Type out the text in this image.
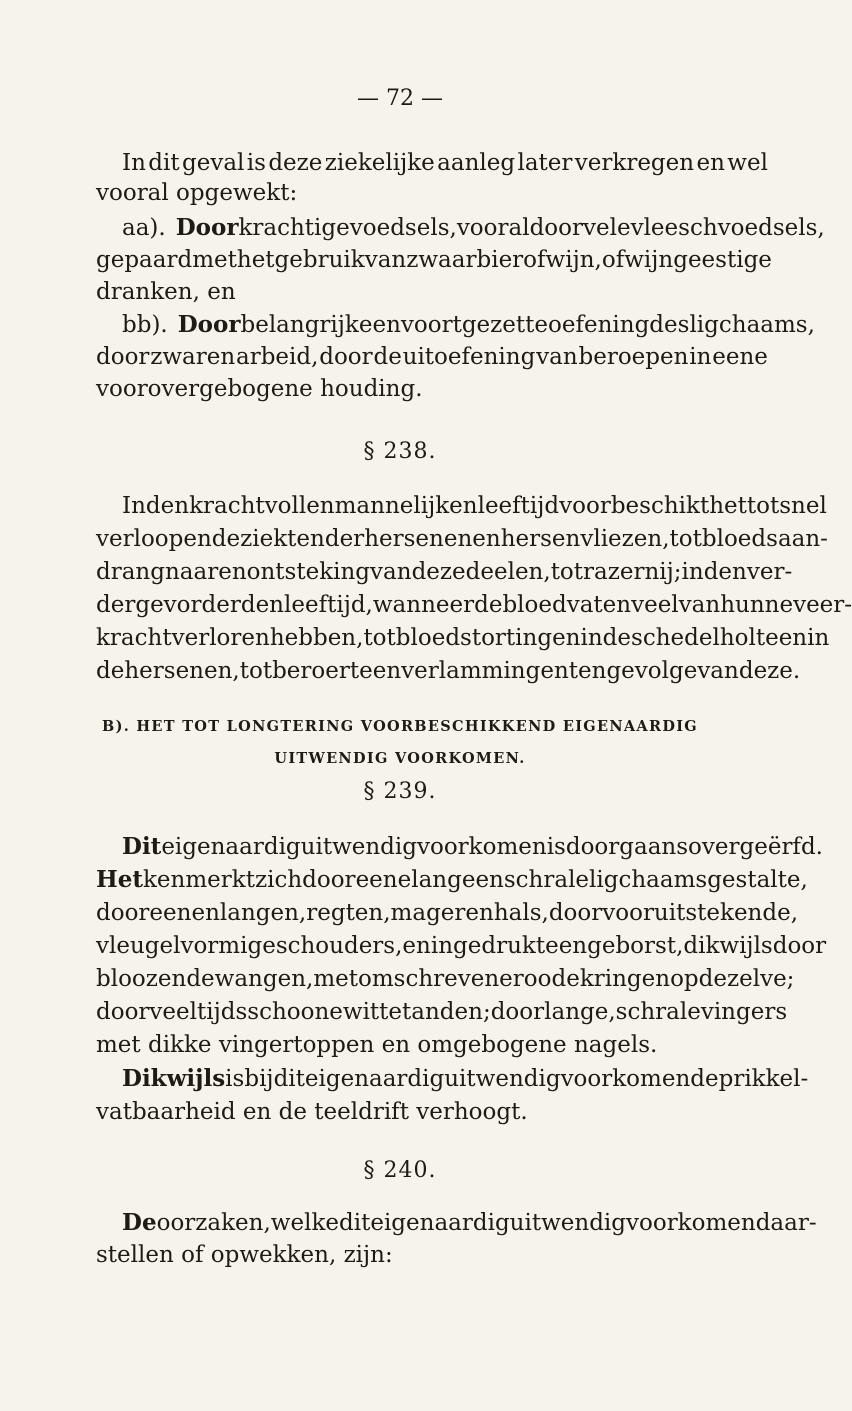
— 72 —
In dit geval is deze ziekelijke aanleg later verkregen en wel
vooral opgewekt:
aa). Door krachtige voedsels, vooral door vele vleeschvoedsels,
gepaard met het gebruik van zwaar bier of wijn, of wijngeestige
dranken, en
bb). Door belangrijke en voortgezette oefening des ligchaams,
door zwaren arbeid, door de uitoefening van beroepen in eene
voorovergebogene houding.
§ 238.
In den krachtvollen mannelijken leeftijd voorbeschikt het tot snel
verloopende ziekten der hersenen en hersenvliezen, tot bloedsaan-
drang naar en ontsteking van deze deelen, tot razernij; in den ver-
der gevorderden leeftijd, wanneer de bloedvaten veel van hunne veer-
kracht verloren hebben, tot bloedstortingen in de schedelholte en in
de hersenen, tot beroerte en verlammingen ten gevolge van deze.
B). HET TOT LONGTERING VOORBESCHIKKEND EIGENAARDIG
UITWENDIG VOORKOMEN.
§ 239.
Dit eigenaardig uitwendig voorkomen is doorgaans overgeërfd.
Het kenmerkt zich door eene lange en schrale ligchaamsgestalte,
door eenen langen, regten, mageren hals, door vooruitstekende,
vleugelvormige schouders, en ingedrukte enge borst, dikwijls door
bloozende wangen, met omschrevene roode kringen op dezelve;
door veeltijds schoone witte tanden; door lange, schrale vingers
met dikke vingertoppen en omgebogene nagels.
Dikwijls is bij dit eigenaardig uitwendig voorkomen de prikkel-
vatbaarheid en de teeldrift verhoogt.
§ 240.
De oorzaken, welke dit eigenaardig uitwendig voorkomen daar-
stellen of opwekken, zijn:
